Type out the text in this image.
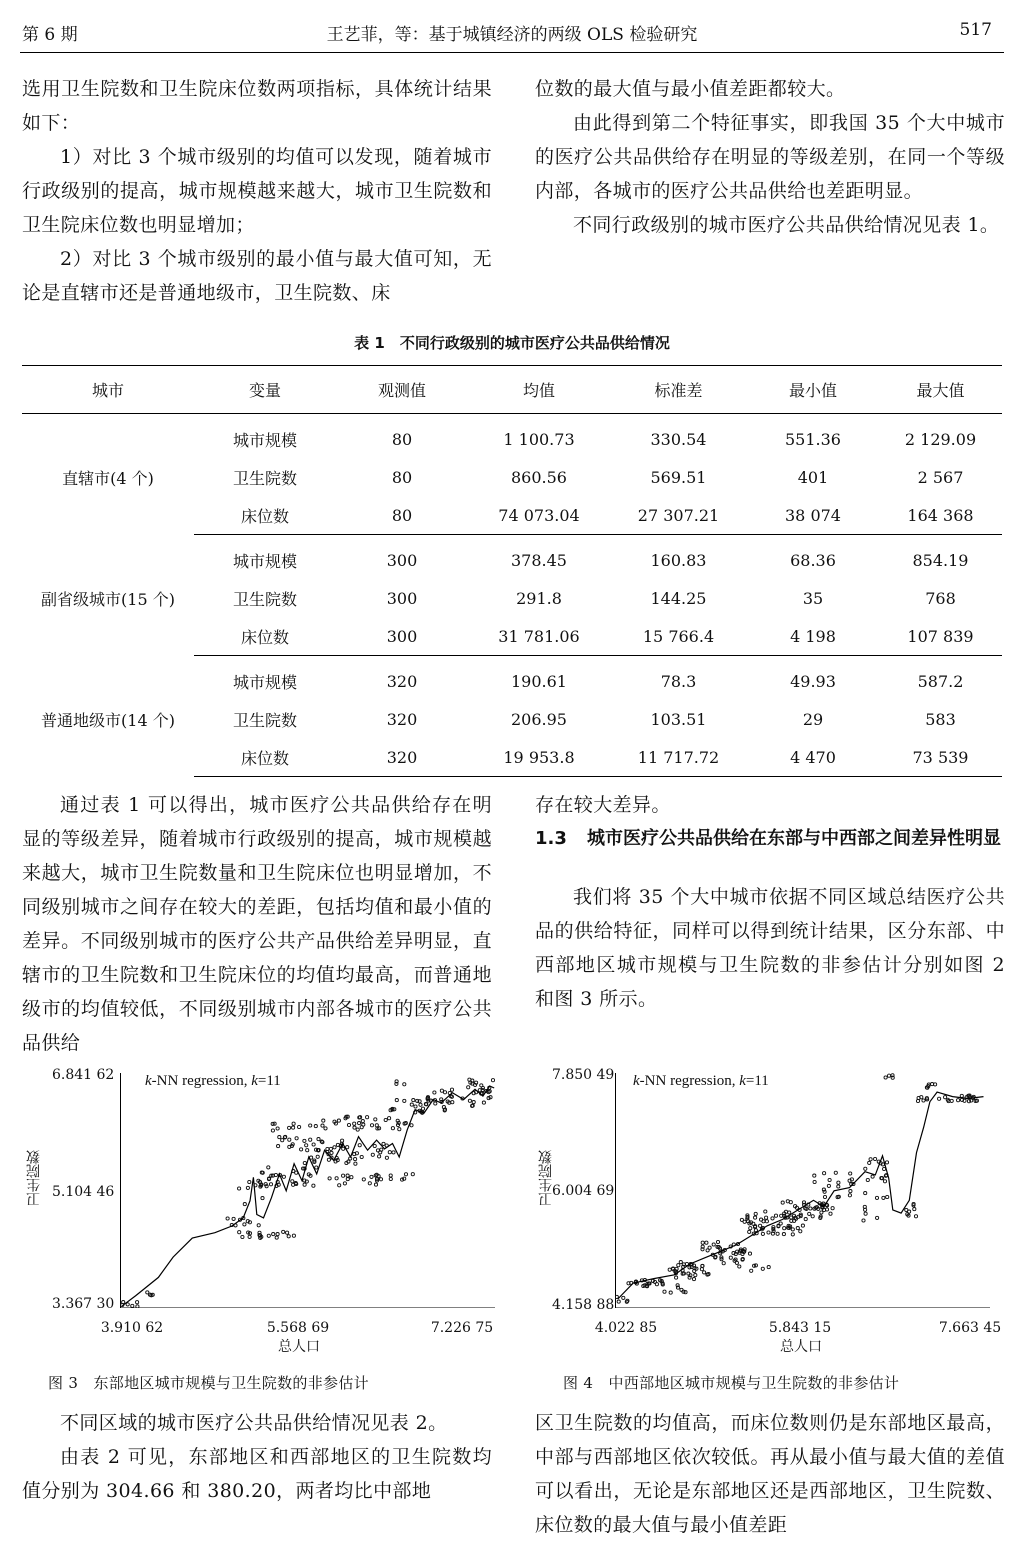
第 6 期	王艺菲，等：基于城镇经济的两级 OLS 检验研究	517

选用卫生院数和卫生院床位数两项指标，具体统计结果如下：

1）对比 3 个城市级别的均值可以发现，随着城市行政级别的提高，城市规模越来越大，城市卫生院数和卫生院床位数也明显增加；

2）对比 3 个城市级别的最小值与最大值可知，无论是直辖市还是普通地级市，卫生院数、床

位数的最大值与最小值差距都较大。

由此得到第二个特征事实，即我国 35 个大中城市的医疗公共品供给存在明显的等级差别，在同一个等级内部，各城市的医疗公共品供给也差距明显。

不同行政级别的城市医疗公共品供给情况见表 1。

表 1　不同行政级别的城市医疗公共品供给情况
城市	变量	观测值	均值	标准差	最小值	最大值
直辖市(4 个)	城市规模	80	1 100.73	330.54	551.36	2 129.09
	卫生院数	80	860.56	569.51	401	2 567
	床位数	80	74 073.04	27 307.21	38 074	164 368
副省级城市(15 个)	城市规模	300	378.45	160.83	68.36	854.19
	卫生院数	300	291.8	144.25	35	768
	床位数	300	31 781.06	15 766.4	4 198	107 839
普通地级市(14 个)	城市规模	320	190.61	78.3	49.93	587.2
	卫生院数	320	206.95	103.51	29	583
	床位数	320	19 953.8	11 717.72	4 470	73 539

通过表 1 可以得出，城市医疗公共品供给存在明显的等级差异，随着城市行政级别的提高，城市规模越来越大，城市卫生院数量和卫生院床位也明显增加，不同级别城市之间存在较大的差距，包括均值和最小值的差异。不同级别城市的医疗公共产品供给差异明显，直辖市的卫生院数和卫生院床位的均值均最高，而普通地级市的均值较低，不同级别城市内部各城市的医疗公共品供给

存在较大差异。

1.3 城市医疗公共品供给在东部与中西部之间差异性明显

我们将 35 个大中城市依据不同区域总结医疗公共品的供给特征，同样可以得到统计结果，区分东部、中西部地区城市规模与卫生院数的非参估计分别如图 2 和图 3 所示。

6.841 62
5.104 46
3.367 30
卫生院数
k-NN regression, k=11
3.910 62	5.568 69	7.226 75
总人口
图 3　东部地区城市规模与卫生院数的非参估计
7.850 49
6.004 69
4.158 88
卫生院数
k-NN regression, k=11
4.022 85	5.843 15	7.663 45
总人口
图 4　中西部地区城市规模与卫生院数的非参估计

不同区域的城市医疗公共品供给情况见表 2。

由表 2 可见，东部地区和西部地区的卫生院数均值分别为 304.66 和 380.20，两者均比中部地

区卫生院数的均值高，而床位数则仍是东部地区最高，中部与西部地区依次较低。再从最小值与最大值的差值可以看出，无论是东部地区还是西部地区，卫生院数、床位数的最大值与最小值差距
